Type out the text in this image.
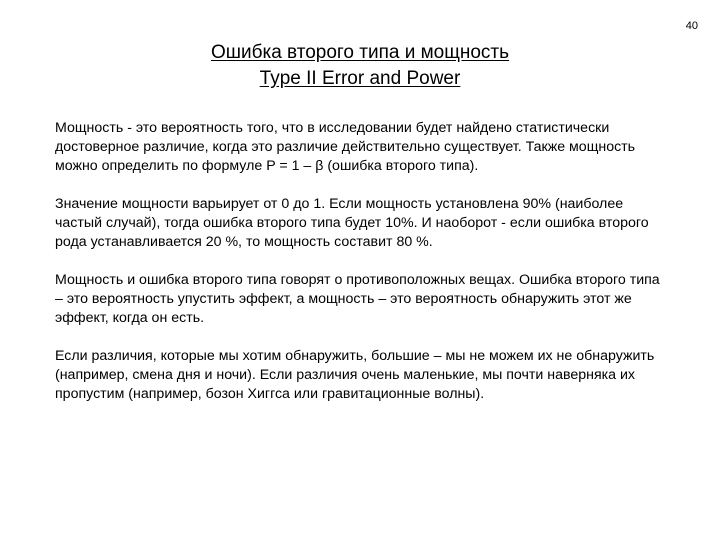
40
Ошибка второго типа и мощность
Type II Error and Power

Мощность - это вероятность того, что в исследовании будет найдено статистически достоверное различие, когда это различие действительно существует. Также мощность можно определить по формуле P = 1 – β (ошибка второго типа).

Значение мощности варьирует от 0 до 1. Если мощность установлена 90% (наиболее частый случай), тогда ошибка второго типа будет 10%. И наоборот - если ошибка второго рода устанавливается 20 %, то мощность составит 80 %.

Мощность и ошибка второго типа говорят о противоположных вещах. Ошибка второго типа – это вероятность упустить эффект, а мощность – это вероятность обнаружить этот же эффект, когда он есть.

Если различия, которые мы хотим обнаружить, большие – мы не можем их не обнаружить (например, смена дня и ночи). Если различия очень маленькие, мы почти наверняка их пропустим (например, бозон Хиггса или гравитационные волны).
